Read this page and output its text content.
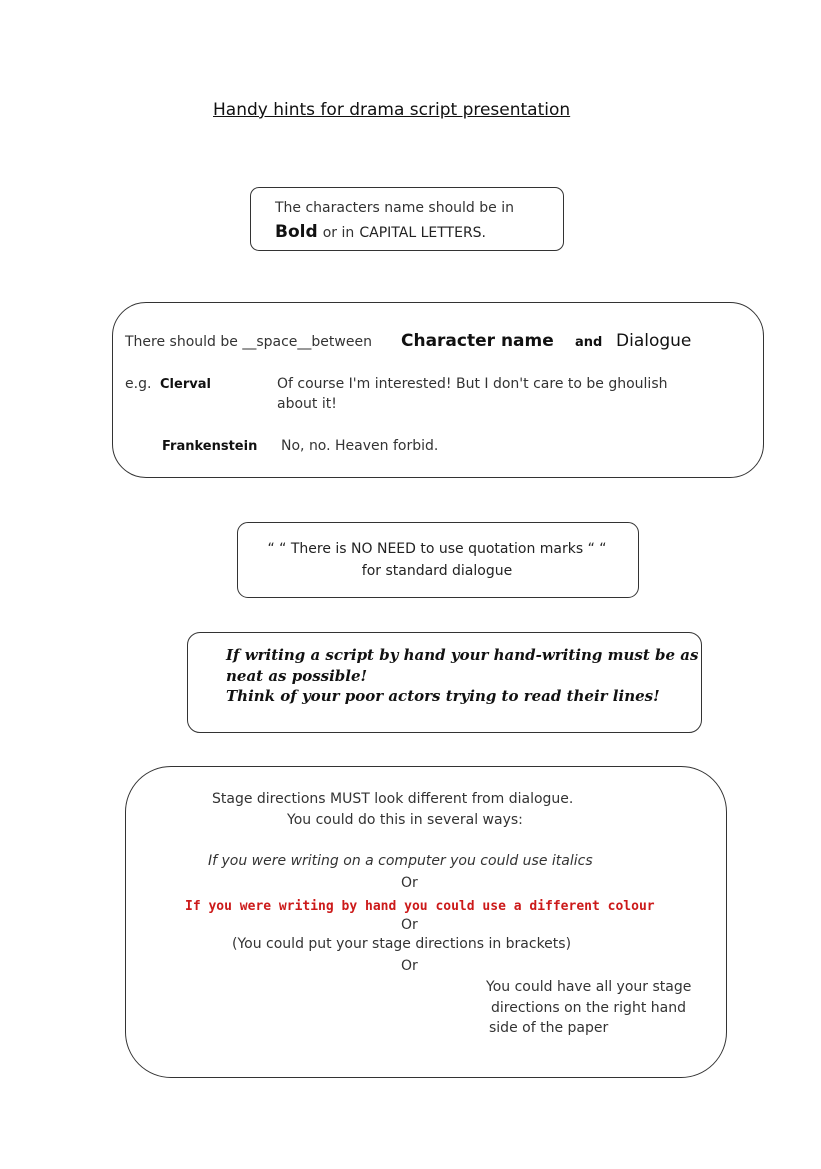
Handy hints for drama script presentation
The characters name should be in
Bold or in CAPITAL LETTERS.
There should be __space__between Character name and Dialogue
e.g. Clerval	Of course I'm interested! But I don't care to be ghoulish
about it!
Frankenstein No, no. Heaven forbid.
“ “ There is NO NEED to use quotation marks “ “
for standard dialogue
If writing a script by hand your hand-writing must be as
neat as possible!
Think of your poor actors trying to read their lines!
Stage directions MUST look different from dialogue.
You could do this in several ways:
If you were writing on a computer you could use italics
Or
If you were writing by hand you could use a different colour
Or
(You could put your stage directions in brackets)
Or
You could have all your stage
directions on the right hand
side of the paper
